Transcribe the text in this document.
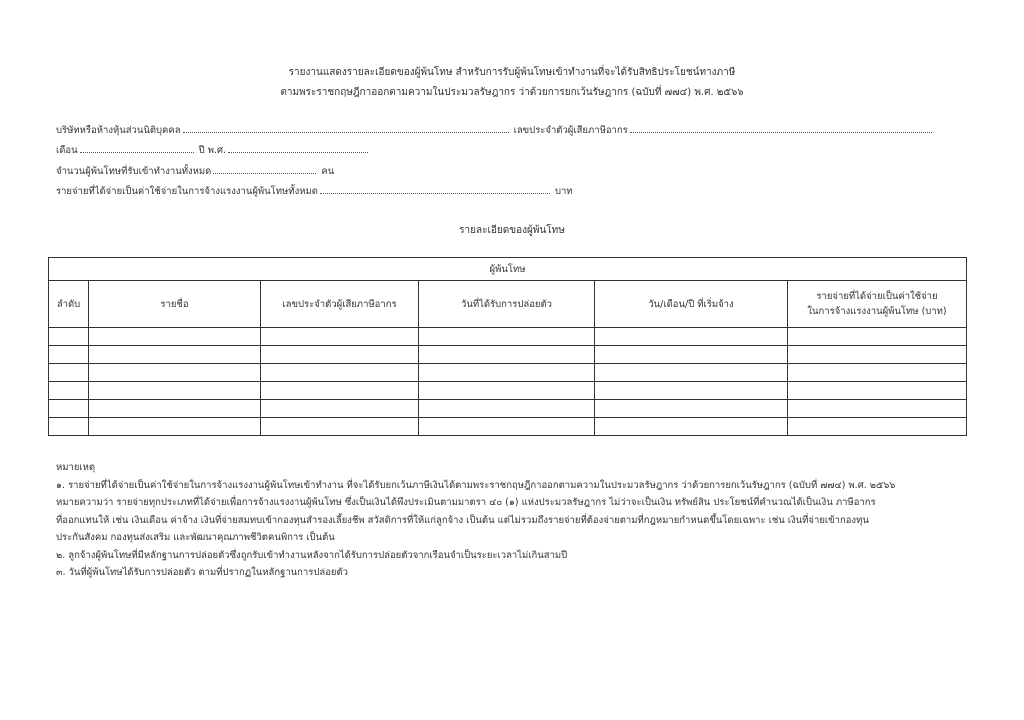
รายงานแสดงรายละเอียดของผู้พ้นโทษ สำหรับการรับผู้พ้นโทษเข้าทำงานที่จะได้รับสิทธิประโยชน์ทางภาษี
ตามพระราชกฤษฎีกาออกตามความในประมวลรัษฎากร ว่าด้วยการยกเว้นรัษฎากร (ฉบับที่ ๗๗๔) พ.ศ. ๒๕๖๖
บริษัทหรือห้างหุ้นส่วนนิติบุคคล	เลขประจำตัวผู้เสียภาษีอากร
เดือน	ปี พ.ศ.
จำนวนผู้พ้นโทษที่รับเข้าทำงานทั้งหมด	คน
รายจ่ายที่ได้จ่ายเป็นค่าใช้จ่ายในการจ้างแรงงานผู้พ้นโทษทั้งหมด	บาท
รายละเอียดของผู้พ้นโทษ
ผู้พ้นโทษ					
ลำดับ	รายชื่อ	เลขประจำตัวผู้เสียภาษีอากร	วันที่ได้รับการปล่อยตัว	วัน/เดือน/ปี ที่เริ่มจ้าง	รายจ่ายที่ได้จ่ายเป็นค่าใช้จ่าย
ในการจ้างแรงงานผู้พ้นโทษ (บาท)

หมายเหตุ

๑. รายจ่ายที่ได้จ่ายเป็นค่าใช้จ่ายในการจ้างแรงงานผู้พ้นโทษเข้าทำงาน ที่จะได้รับยกเว้นภาษีเงินได้ตามพระราชกฤษฎีกาออกตามความในประมวลรัษฎากร ว่าด้วยการยกเว้นรัษฎากร (ฉบับที่ ๗๗๔) พ.ศ. ๒๕๖๖

หมายความว่า รายจ่ายทุกประเภทที่ได้จ่ายเพื่อการจ้างแรงงานผู้พ้นโทษ ซึ่งเป็นเงินได้พึงประเมินตามมาตรา ๔๐ (๑) แห่งประมวลรัษฎากร ไม่ว่าจะเป็นเงิน ทรัพย์สิน ประโยชน์ที่คำนวณได้เป็นเงิน ภาษีอากร

ที่ออกแทนให้ เช่น เงินเดือน ค่าจ้าง เงินที่จ่ายสมทบเข้ากองทุนสำรองเลี้ยงชีพ สวัสดิการที่ให้แก่ลูกจ้าง เป็นต้น แต่ไม่รวมถึงรายจ่ายที่ต้องจ่ายตามที่กฎหมายกำหนดขึ้นโดยเฉพาะ เช่น เงินที่จ่ายเข้ากองทุน

ประกันสังคม กองทุนส่งเสริม และพัฒนาคุณภาพชีวิตคนพิการ เป็นต้น

๒. ลูกจ้างผู้พ้นโทษที่มีหลักฐานการปล่อยตัวซึ่งถูกรับเข้าทำงานหลังจากได้รับการปล่อยตัวจากเรือนจำเป็นระยะเวลาไม่เกินสามปี

๓. วันที่ผู้พ้นโทษได้รับการปล่อยตัว ตามที่ปรากฏในหลักฐานการปล่อยตัว
